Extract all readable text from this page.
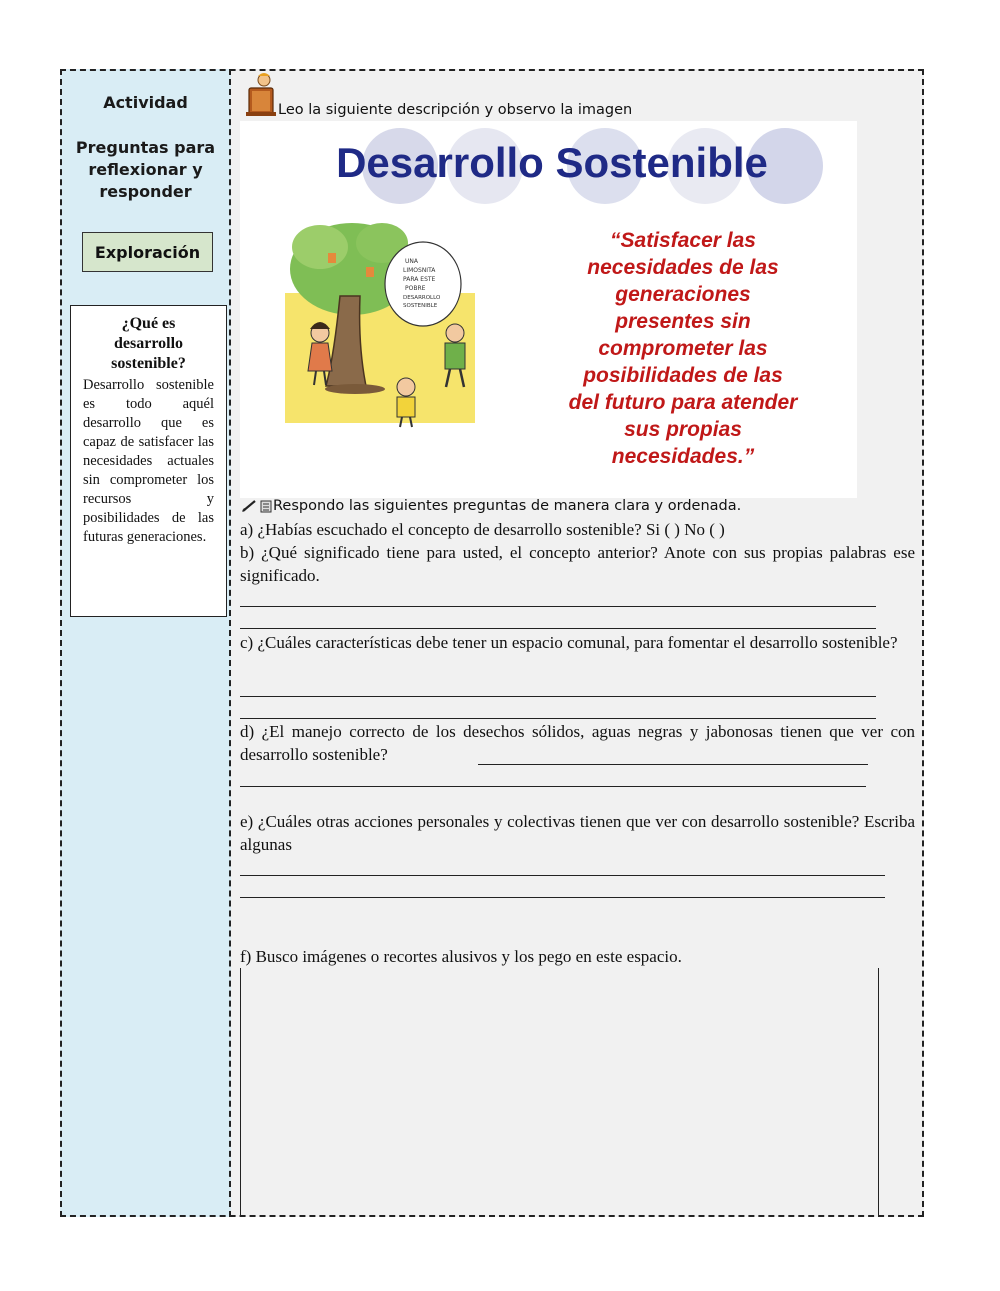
Actividad
Preguntas para
reflexionar y
responder
Exploración
¿Qué es
desarrollo
sostenible?
Desarrollo sostenible es todo aquél desarrollo que es capaz de satisfacer las necesidades actuales sin comprometer los recursos y posibilidades de las futuras generaciones.
Leo la siguiente descripción y observo la imagen
Desarrollo Sostenible
UNA
LIMOSNITA
PARA ESTE
POBRE
DESARROLLO
SOSTENIBLE
“Satisfacer las
necesidades de las
generaciones
presentes sin
comprometer las
posibilidades de las
del futuro para atender
sus propias
necesidades.”
Respondo las siguientes preguntas de manera clara y ordenada.
a) ¿Habías escuchado el concepto de desarrollo sostenible? Si ( ) No ( )
b) ¿Qué significado tiene para usted, el concepto anterior? Anote con sus propias palabras ese significado.
c) ¿Cuáles características debe tener un espacio comunal, para fomentar el desarrollo sostenible?
d) ¿El manejo correcto de los desechos sólidos, aguas negras y jabonosas tienen que ver con desarrollo sostenible?
e) ¿Cuáles otras acciones personales y colectivas tienen que ver con desarrollo sostenible? Escriba algunas
f) Busco imágenes o recortes alusivos y los pego en este espacio.
